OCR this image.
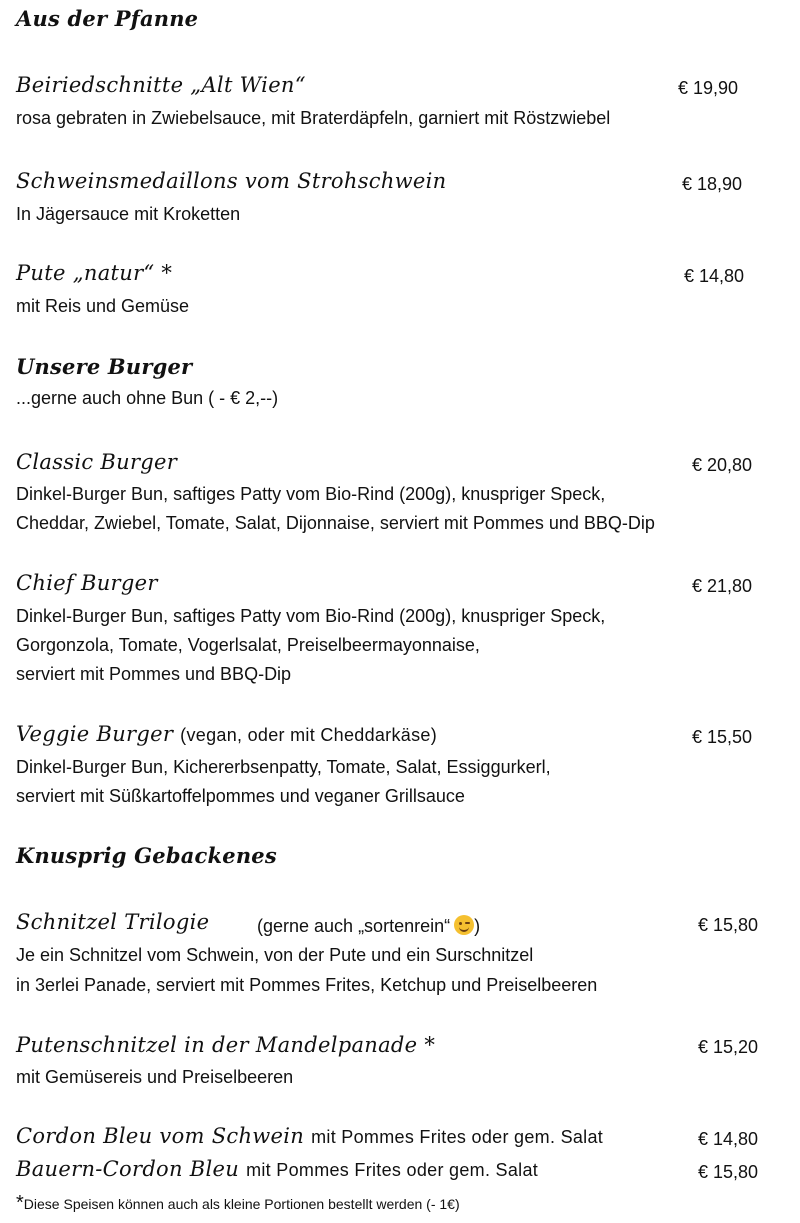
Aus der Pfanne
Beiriedschnitte „Alt Wien“	€ 19,90
rosa gebraten in Zwiebelsauce, mit Braterdäpfeln, garniert mit Röstzwiebel
Schweinsmedaillons vom Strohschwein	€ 18,90
In Jägersauce mit Kroketten
Pute „natur“ *	€ 14,80
mit Reis und Gemüse
Unsere Burger
...gerne auch ohne Bun ( - € 2,--)
Classic Burger	€ 20,80
Dinkel-Burger Bun, saftiges Patty vom Bio-Rind (200g), knuspriger Speck,
Cheddar, Zwiebel, Tomate, Salat, Dijonnaise, serviert mit Pommes und BBQ-Dip
Chief Burger	€ 21,80
Dinkel-Burger Bun, saftiges Patty vom Bio-Rind (200g), knuspriger Speck,
Gorgonzola, Tomate, Vogerlsalat, Preiselbeermayonnaise,
serviert mit Pommes und BBQ-Dip
Veggie Burger (vegan, oder mit Cheddarkäse)	€ 15,50
Dinkel-Burger Bun, Kichererbsenpatty, Tomate, Salat, Essiggurkerl,
serviert mit Süßkartoffelpommes und veganer Grillsauce
Knusprig Gebackenes
Schnitzel Trilogie	(gerne auch „sortenrein“ )	€ 15,80
Je ein Schnitzel vom Schwein, von der Pute und ein Surschnitzel
in 3erlei Panade, serviert mit Pommes Frites, Ketchup und Preiselbeeren
Putenschnitzel in der Mandelpanade *	€ 15,20
mit Gemüsereis und Preiselbeeren
Cordon Bleu vom Schwein mit Pommes Frites oder gem. Salat	€ 14,80
Bauern-Cordon Bleu mit Pommes Frites oder gem. Salat	€ 15,80
*Diese Speisen können auch als kleine Portionen bestellt werden (- 1€)
